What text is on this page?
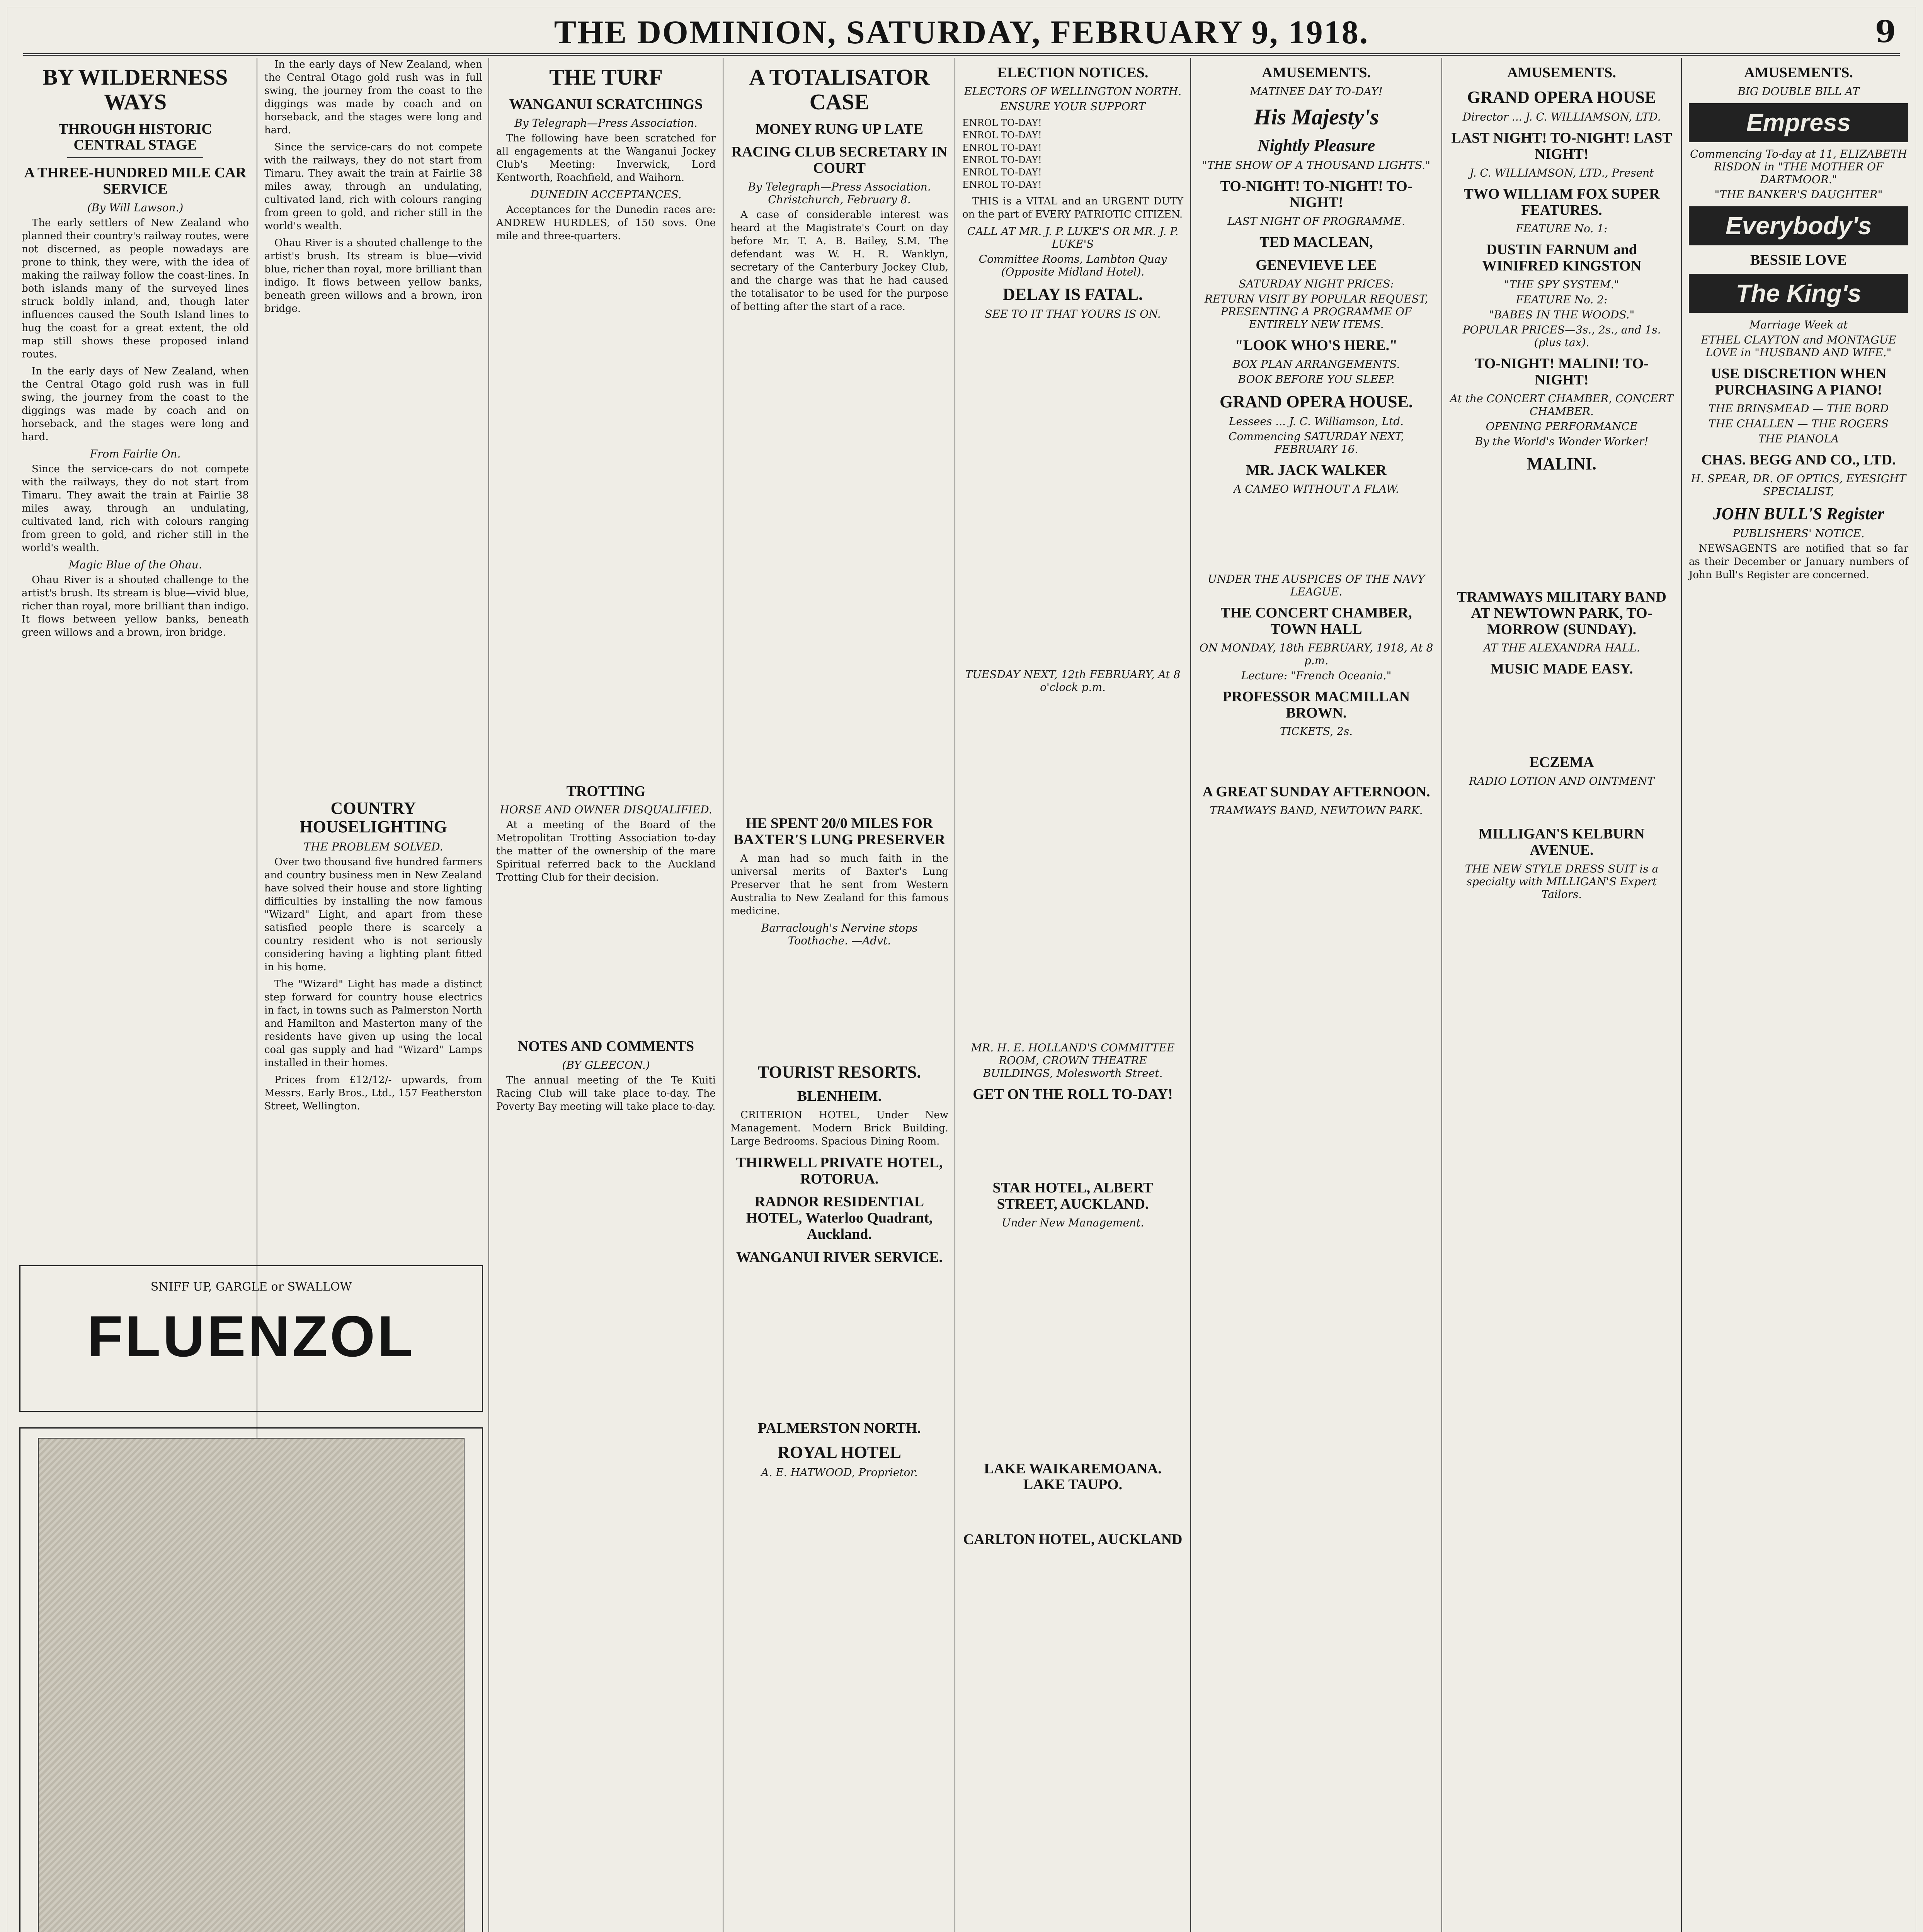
THE DOMINION, SATURDAY, FEBRUARY 9, 1918.	9
BY WILDERNESS WAYS
THROUGH HISTORIC CENTRAL STAGE
A THREE-HUNDRED MILE CAR SERVICE
(By Will Lawson.)

The early settlers of New Zealand who planned their country's railway routes, were not discerned, as people nowadays are prone to think, they were, with the idea of making the railway follow the coast-lines. In both islands many of the surveyed lines struck boldly inland, and, though later influences caused the South Island lines to hug the coast for a great extent, the old map still shows these proposed inland routes.

In the early days of New Zealand, when the Central Otago gold rush was in full swing, the journey from the coast to the diggings was made by coach and on horseback, and the stages were long and hard.

From Fairlie On.

Since the service-cars do not compete with the railways, they do not start from Timaru. They await the train at Fairlie 38 miles away, through an undulating, cultivated land, rich with colours ranging from green to gold, and richer still in the world's wealth.

Magic Blue of the Ohau.

Ohau River is a shouted challenge to the artist's brush. Its stream is blue—vivid blue, richer than royal, more brilliant than indigo. It flows between yellow banks, beneath green willows and a brown, iron bridge.

In the early days of New Zealand, when the Central Otago gold rush was in full swing, the journey from the coast to the diggings was made by coach and on horseback, and the stages were long and hard.

Since the service-cars do not compete with the railways, they do not start from Timaru. They await the train at Fairlie 38 miles away, through an undulating, cultivated land, rich with colours ranging from green to gold, and richer still in the world's wealth.

Ohau River is a shouted challenge to the artist's brush. Its stream is blue—vivid blue, richer than royal, more brilliant than indigo. It flows between yellow banks, beneath green willows and a brown, iron bridge.

COUNTRY HOUSELIGHTING
THE PROBLEM SOLVED.

Over two thousand five hundred farmers and country business men in New Zealand have solved their house and store lighting difficulties by installing the now famous "Wizard" Light, and apart from these satisfied people there is scarcely a country resident who is not seriously considering having a lighting plant fitted in his home.

The "Wizard" Light has made a distinct step forward for country house electrics in fact, in towns such as Palmerston North and Hamilton and Masterton many of the residents have given up using the local coal gas supply and had "Wizard" Lamps installed in their homes.

Prices from £12/12/- upwards, from Messrs. Early Bros., Ltd., 157 Featherston Street, Wellington.

SNIFF UP, GARGLE or SWALLOW
FLUENZOL

THE TURF
WANGANUI SCRATCHINGS
By Telegraph—Press Association.

The following have been scratched for all engagements at the Wanganui Jockey Club's Meeting: Inverwick, Lord Kentworth, Roachfield, and Waihorn.

DUNEDIN ACCEPTANCES.

Acceptances for the Dunedin races are: ANDREW HURDLES, of 150 sovs. One mile and three-quarters.

TROTTING
HORSE AND OWNER DISQUALIFIED.

At a meeting of the Board of the Metropolitan Trotting Association to-day the matter of the ownership of the mare Spiritual referred back to the Auckland Trotting Club for their decision.

NOTES AND COMMENTS
(BY GLEECON.)

The annual meeting of the Te Kuiti Racing Club will take place to-day. The Poverty Bay meeting will take place to-day.

A TOTALISATOR CASE
MONEY RUNG UP LATE
RACING CLUB SECRETARY IN COURT
By Telegraph—Press Association. Christchurch, February 8.

A case of considerable interest was heard at the Magistrate's Court on day before Mr. T. A. B. Bailey, S.M. The defendant was W. H. R. Wanklyn, secretary of the Canterbury Jockey Club, and the charge was that he had caused the totalisator to be used for the purpose of betting after the start of a race.

HE SPENT 20/0 MILES FOR BAXTER'S LUNG PRESERVER

A man had so much faith in the universal merits of Baxter's Lung Preserver that he sent from Western Australia to New Zealand for this famous medicine.

Barraclough's Nervine stops Toothache. —Advt.
TOURIST RESORTS.
BLENHEIM.

CRITERION HOTEL, Under New Management. Modern Brick Building. Large Bedrooms. Spacious Dining Room.

THIRWELL PRIVATE HOTEL, ROTORUA.
RADNOR RESIDENTIAL HOTEL, Waterloo Quadrant, Auckland.
WANGANUI RIVER SERVICE.
PALMERSTON NORTH.
ROYAL HOTEL
A. E. HATWOOD, Proprietor.
ELECTION NOTICES.
ELECTORS OF WELLINGTON NORTH.
ENSURE YOUR SUPPORT
ENROL TO-DAY!
ENROL TO-DAY!
ENROL TO-DAY!
ENROL TO-DAY!
ENROL TO-DAY!
ENROL TO-DAY!

THIS is a VITAL and an URGENT DUTY on the part of EVERY PATRIOTIC CITIZEN.

CALL AT MR. J. P. LUKE'S OR MR. J. P. LUKE'S
Committee Rooms, Lambton Quay (Opposite Midland Hotel).
DELAY IS FATAL.
SEE TO IT THAT YOURS IS ON.
TUESDAY NEXT, 12th FEBRUARY, At 8 o'clock p.m.
MR. H. E. HOLLAND'S COMMITTEE ROOM, CROWN THEATRE BUILDINGS, Molesworth Street.
GET ON THE ROLL TO-DAY!
STAR HOTEL, ALBERT STREET, AUCKLAND.
Under New Management.
LAKE WAIKAREMOANA. LAKE TAUPO.
CARLTON HOTEL, AUCKLAND
AMUSEMENTS.
MATINEE DAY TO-DAY!
His Majesty's
Nightly Pleasure
"THE SHOW OF A THOUSAND LIGHTS."
TO-NIGHT! TO-NIGHT! TO-NIGHT!
LAST NIGHT OF PROGRAMME.
TED MACLEAN,
GENEVIEVE LEE
SATURDAY NIGHT PRICES:
RETURN VISIT BY POPULAR REQUEST, PRESENTING A PROGRAMME OF ENTIRELY NEW ITEMS.
"LOOK WHO'S HERE."
BOX PLAN ARRANGEMENTS.
BOOK BEFORE YOU SLEEP.
GRAND OPERA HOUSE.
Lessees ... J. C. Williamson, Ltd.
Commencing SATURDAY NEXT, FEBRUARY 16.
MR. JACK WALKER
A CAMEO WITHOUT A FLAW.
UNDER THE AUSPICES OF THE NAVY LEAGUE.
THE CONCERT CHAMBER, TOWN HALL
ON MONDAY, 18th FEBRUARY, 1918, At 8 p.m.
Lecture: "French Oceania."
PROFESSOR MACMILLAN BROWN.
TICKETS, 2s.
A GREAT SUNDAY AFTERNOON.
TRAMWAYS BAND, NEWTOWN PARK.
AMUSEMENTS.
GRAND OPERA HOUSE
Director ... J. C. WILLIAMSON, LTD.
LAST NIGHT! TO-NIGHT! LAST NIGHT!
J. C. WILLIAMSON, LTD., Present
TWO WILLIAM FOX SUPER FEATURES.
FEATURE No. 1:
DUSTIN FARNUM and WINIFRED KINGSTON
"THE SPY SYSTEM."
FEATURE No. 2:
"BABES IN THE WOODS."
POPULAR PRICES—3s., 2s., and 1s. (plus tax).
TO-NIGHT! MALINI! TO-NIGHT!
At the CONCERT CHAMBER, CONCERT CHAMBER.
OPENING PERFORMANCE
By the World's Wonder Worker!
MALINI.
TRAMWAYS MILITARY BAND AT NEWTOWN PARK, TO-MORROW (SUNDAY).
AT THE ALEXANDRA HALL.
MUSIC MADE EASY.
ECZEMA
RADIO LOTION AND OINTMENT
MILLIGAN'S KELBURN AVENUE.
THE NEW STYLE DRESS SUIT is a specialty with MILLIGAN'S Expert Tailors.
AMUSEMENTS.
BIG DOUBLE BILL AT
Empress
Commencing To-day at 11, ELIZABETH RISDON in "THE MOTHER OF DARTMOOR."
"THE BANKER'S DAUGHTER"
Everybody's
BESSIE LOVE
The King's
Marriage Week at
ETHEL CLAYTON and MONTAGUE LOVE in "HUSBAND AND WIFE."
USE DISCRETION WHEN PURCHASING A PIANO!
THE BRINSMEAD — THE BORD
THE CHALLEN — THE ROGERS
THE PIANOLA
CHAS. BEGG AND CO., LTD.
H. SPEAR, DR. OF OPTICS, EYESIGHT SPECIALIST,
JOHN BULL'S Register
PUBLISHERS' NOTICE.

NEWSAGENTS are notified that so far as their December or January numbers of John Bull's Register are concerned.
